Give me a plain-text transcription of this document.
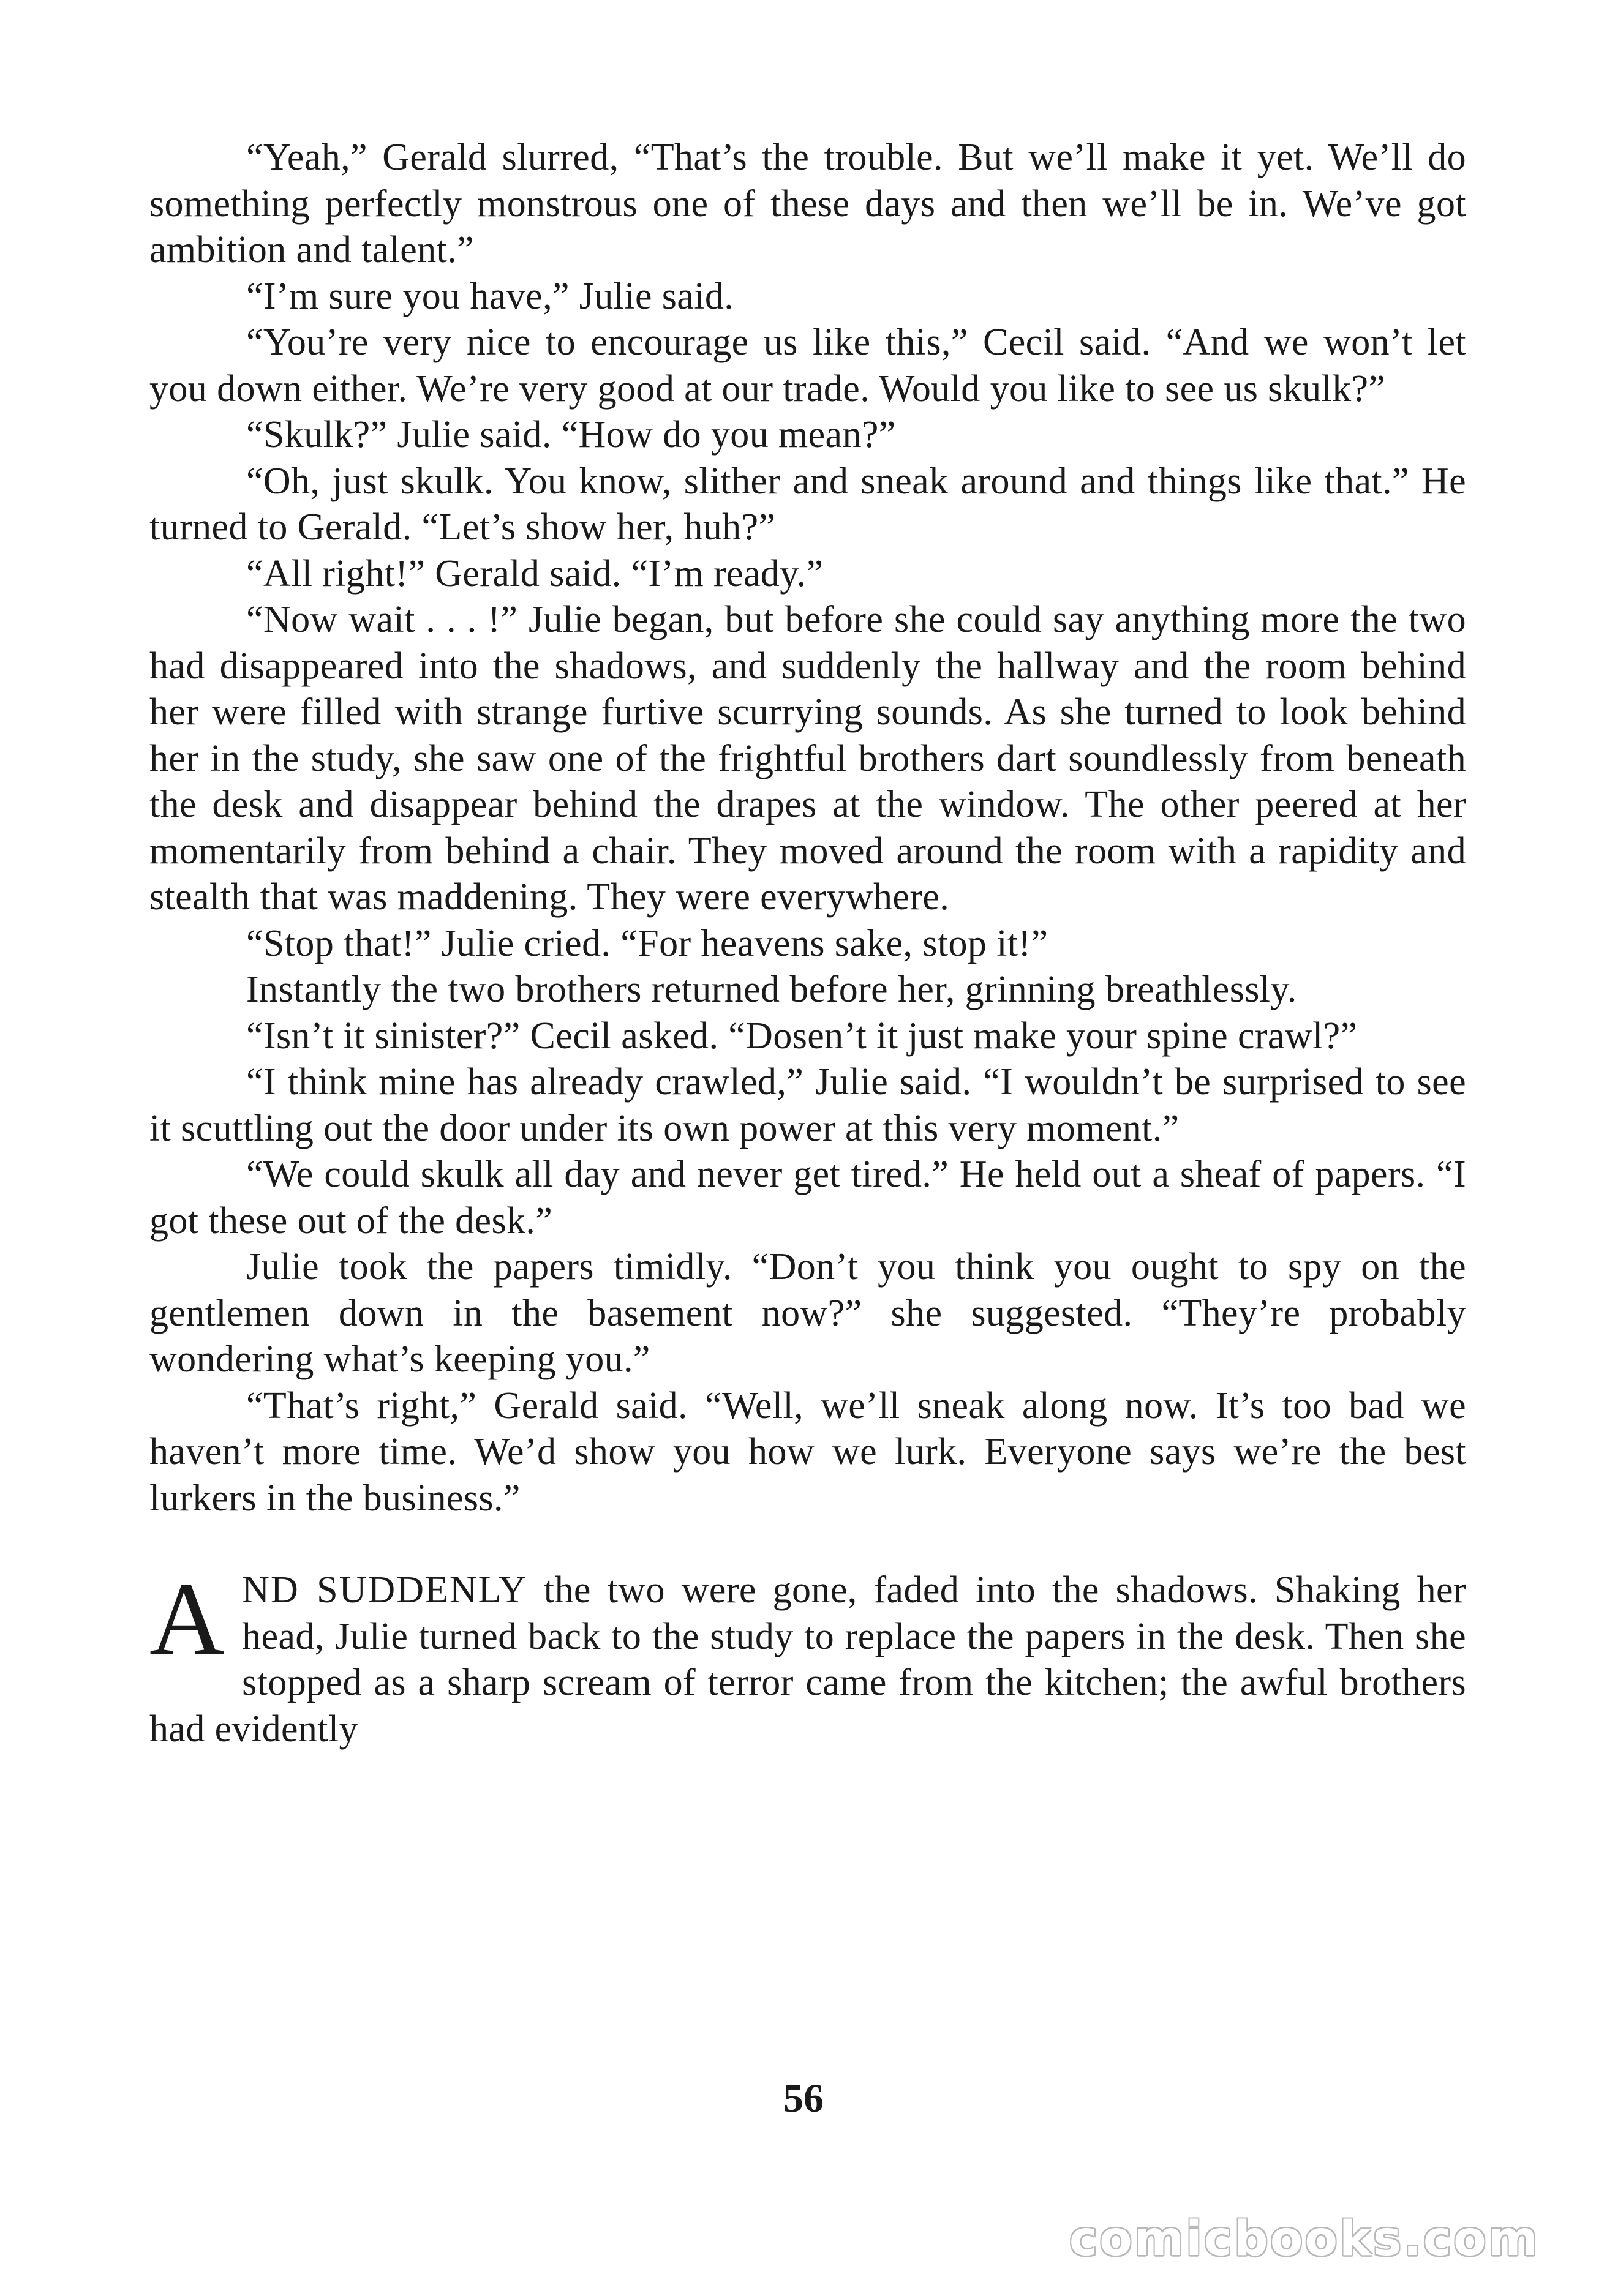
“Yeah,” Gerald slurred, “That’s the trouble. But we’ll make it yet. We’ll do something perfectly monstrous one of these days and then we’ll be in. We’ve got ambition and talent.”

“I’m sure you have,” Julie said.

“You’re very nice to encourage us like this,” Cecil said. “And we won’t let you down either. We’re very good at our trade. Would you like to see us skulk?”

“Skulk?” Julie said. “How do you mean?”

“Oh, just skulk. You know, slither and sneak around and things like that.” He turned to Gerald. “Let’s show her, huh?”

“All right!” Gerald said. “I’m ready.”

“Now wait . . . !” Julie began, but before she could say anything more the two had disappeared into the shadows, and suddenly the hallway and the room behind her were filled with strange furtive scurrying sounds. As she turned to look behind her in the study, she saw one of the frightful brothers dart soundlessly from beneath the desk and disappear behind the drapes at the window. The other peered at her momentarily from behind a chair. They moved around the room with a rapidity and stealth that was maddening. They were everywhere.

“Stop that!” Julie cried. “For heavens sake, stop it!”

Instantly the two brothers returned before her, grinning breathlessly.

“Isn’t it sinister?” Cecil asked. “Dosen’t it just make your spine crawl?”

“I think mine has already crawled,” Julie said. “I wouldn’t be surprised to see it scuttling out the door under its own power at this very moment.”

“We could skulk all day and never get tired.” He held out a sheaf of papers. “I got these out of the desk.”

Julie took the papers timidly. “Don’t you think you ought to spy on the gentlemen down in the basement now?” she suggested. “They’re probably wondering what’s keeping you.”

“That’s right,” Gerald said. “Well, we’ll sneak along now. It’s too bad we haven’t more time. We’d show you how we lurk. Everyone says we’re the best lurkers in the business.”

AND SUDDENLY the two were gone, faded into the shadows. Shaking her head, Julie turned back to the study to replace the papers in the desk. Then she stopped as a sharp scream of terror came from the kitchen; the awful brothers had evidently

56
comicbooks.com
